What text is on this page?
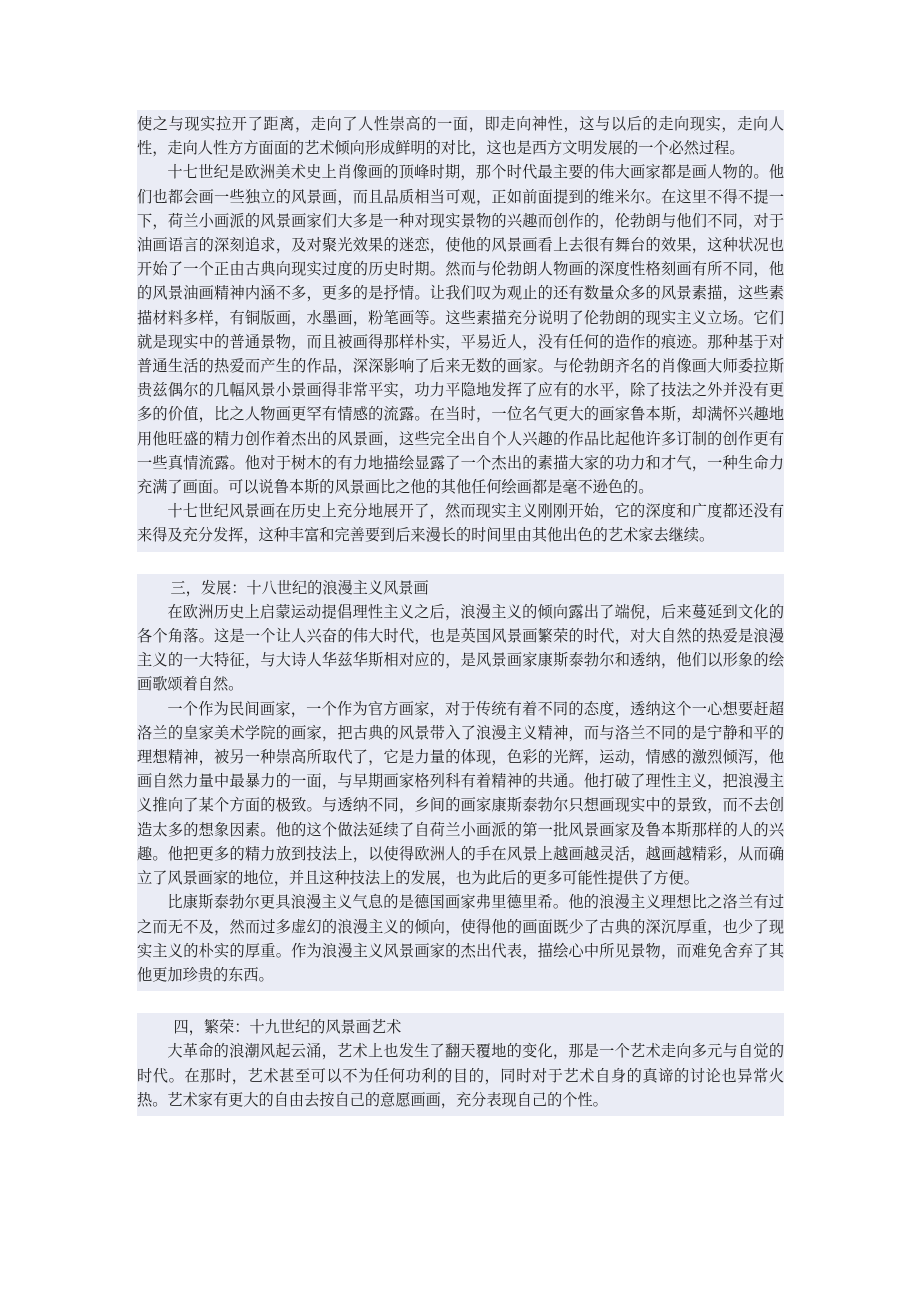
使之与现实拉开了距离，走向了人性崇高的一面，即走向神性，这与以后的走向现实，走向人性，走向人性方方面面的艺术倾向形成鲜明的对比，这也是西方文明发展的一个必然过程。

十七世纪是欧洲美术史上肖像画的顶峰时期，那个时代最主要的伟大画家都是画人物的。他们也都会画一些独立的风景画，而且品质相当可观，正如前面提到的维米尔。在这里不得不提一下，荷兰小画派的风景画家们大多是一种对现实景物的兴趣而创作的，伦勃朗与他们不同，对于油画语言的深刻追求，及对聚光效果的迷恋，使他的风景画看上去很有舞台的效果，这种状况也开始了一个正由古典向现实过度的历史时期。然而与伦勃朗人物画的深度性格刻画有所不同，他的风景油画精神内涵不多，更多的是抒情。让我们叹为观止的还有数量众多的风景素描，这些素描材料多样，有铜版画，水墨画，粉笔画等。这些素描充分说明了伦勃朗的现实主义立场。它们就是现实中的普通景物，而且被画得那样朴实，平易近人，没有任何的造作的痕迹。那种基于对普通生活的热爱而产生的作品，深深影响了后来无数的画家。与伦勃朗齐名的肖像画大师委拉斯贵兹偶尔的几幅风景小景画得非常平实，功力平隐地发挥了应有的水平，除了技法之外并没有更多的价值，比之人物画更罕有情感的流露。在当时，一位名气更大的画家鲁本斯，却满怀兴趣地用他旺盛的精力创作着杰出的风景画，这些完全出自个人兴趣的作品比起他许多订制的创作更有一些真情流露。他对于树木的有力地描绘显露了一个杰出的素描大家的功力和才气，一种生命力充满了画面。可以说鲁本斯的风景画比之他的其他任何绘画都是毫不逊色的。

十七世纪风景画在历史上充分地展开了，然而现实主义刚刚开始，它的深度和广度都还没有来得及充分发挥，这种丰富和完善要到后来漫长的时间里由其他出色的艺术家去继续。

三，发展：十八世纪的浪漫主义风景画

在欧洲历史上启蒙运动提倡理性主义之后，浪漫主义的倾向露出了端倪，后来蔓延到文化的各个角落。这是一个让人兴奋的伟大时代，也是英国风景画繁荣的时代，对大自然的热爱是浪漫主义的一大特征，与大诗人华兹华斯相对应的，是风景画家康斯泰勃尔和透纳，他们以形象的绘画歌颂着自然。

一个作为民间画家，一个作为官方画家，对于传统有着不同的态度，透纳这个一心想要赶超洛兰的皇家美术学院的画家，把古典的风景带入了浪漫主义精神，而与洛兰不同的是宁静和平的理想精神，被另一种崇高所取代了，它是力量的体现，色彩的光辉，运动，情感的激烈倾泻，他画自然力量中最暴力的一面，与早期画家格列科有着精神的共通。他打破了理性主义，把浪漫主义推向了某个方面的极致。与透纳不同，乡间的画家康斯泰勃尔只想画现实中的景致，而不去创造太多的想象因素。他的这个做法延续了自荷兰小画派的第一批风景画家及鲁本斯那样的人的兴趣。他把更多的精力放到技法上，以使得欧洲人的手在风景上越画越灵活，越画越精彩，从而确立了风景画家的地位，并且这种技法上的发展，也为此后的更多可能性提供了方便。

比康斯泰勃尔更具浪漫主义气息的是德国画家弗里德里希。他的浪漫主义理想比之洛兰有过之而无不及，然而过多虚幻的浪漫主义的倾向，使得他的画面既少了古典的深沉厚重，也少了现实主义的朴实的厚重。作为浪漫主义风景画家的杰出代表，描绘心中所见景物，而难免舍弃了其他更加珍贵的东西。

四，繁荣：十九世纪的风景画艺术

大革命的浪潮风起云涌，艺术上也发生了翻天覆地的变化，那是一个艺术走向多元与自觉的时代。在那时，艺术甚至可以不为任何功利的目的，同时对于艺术自身的真谛的讨论也异常火热。艺术家有更大的自由去按自己的意愿画画，充分表现自己的个性。
